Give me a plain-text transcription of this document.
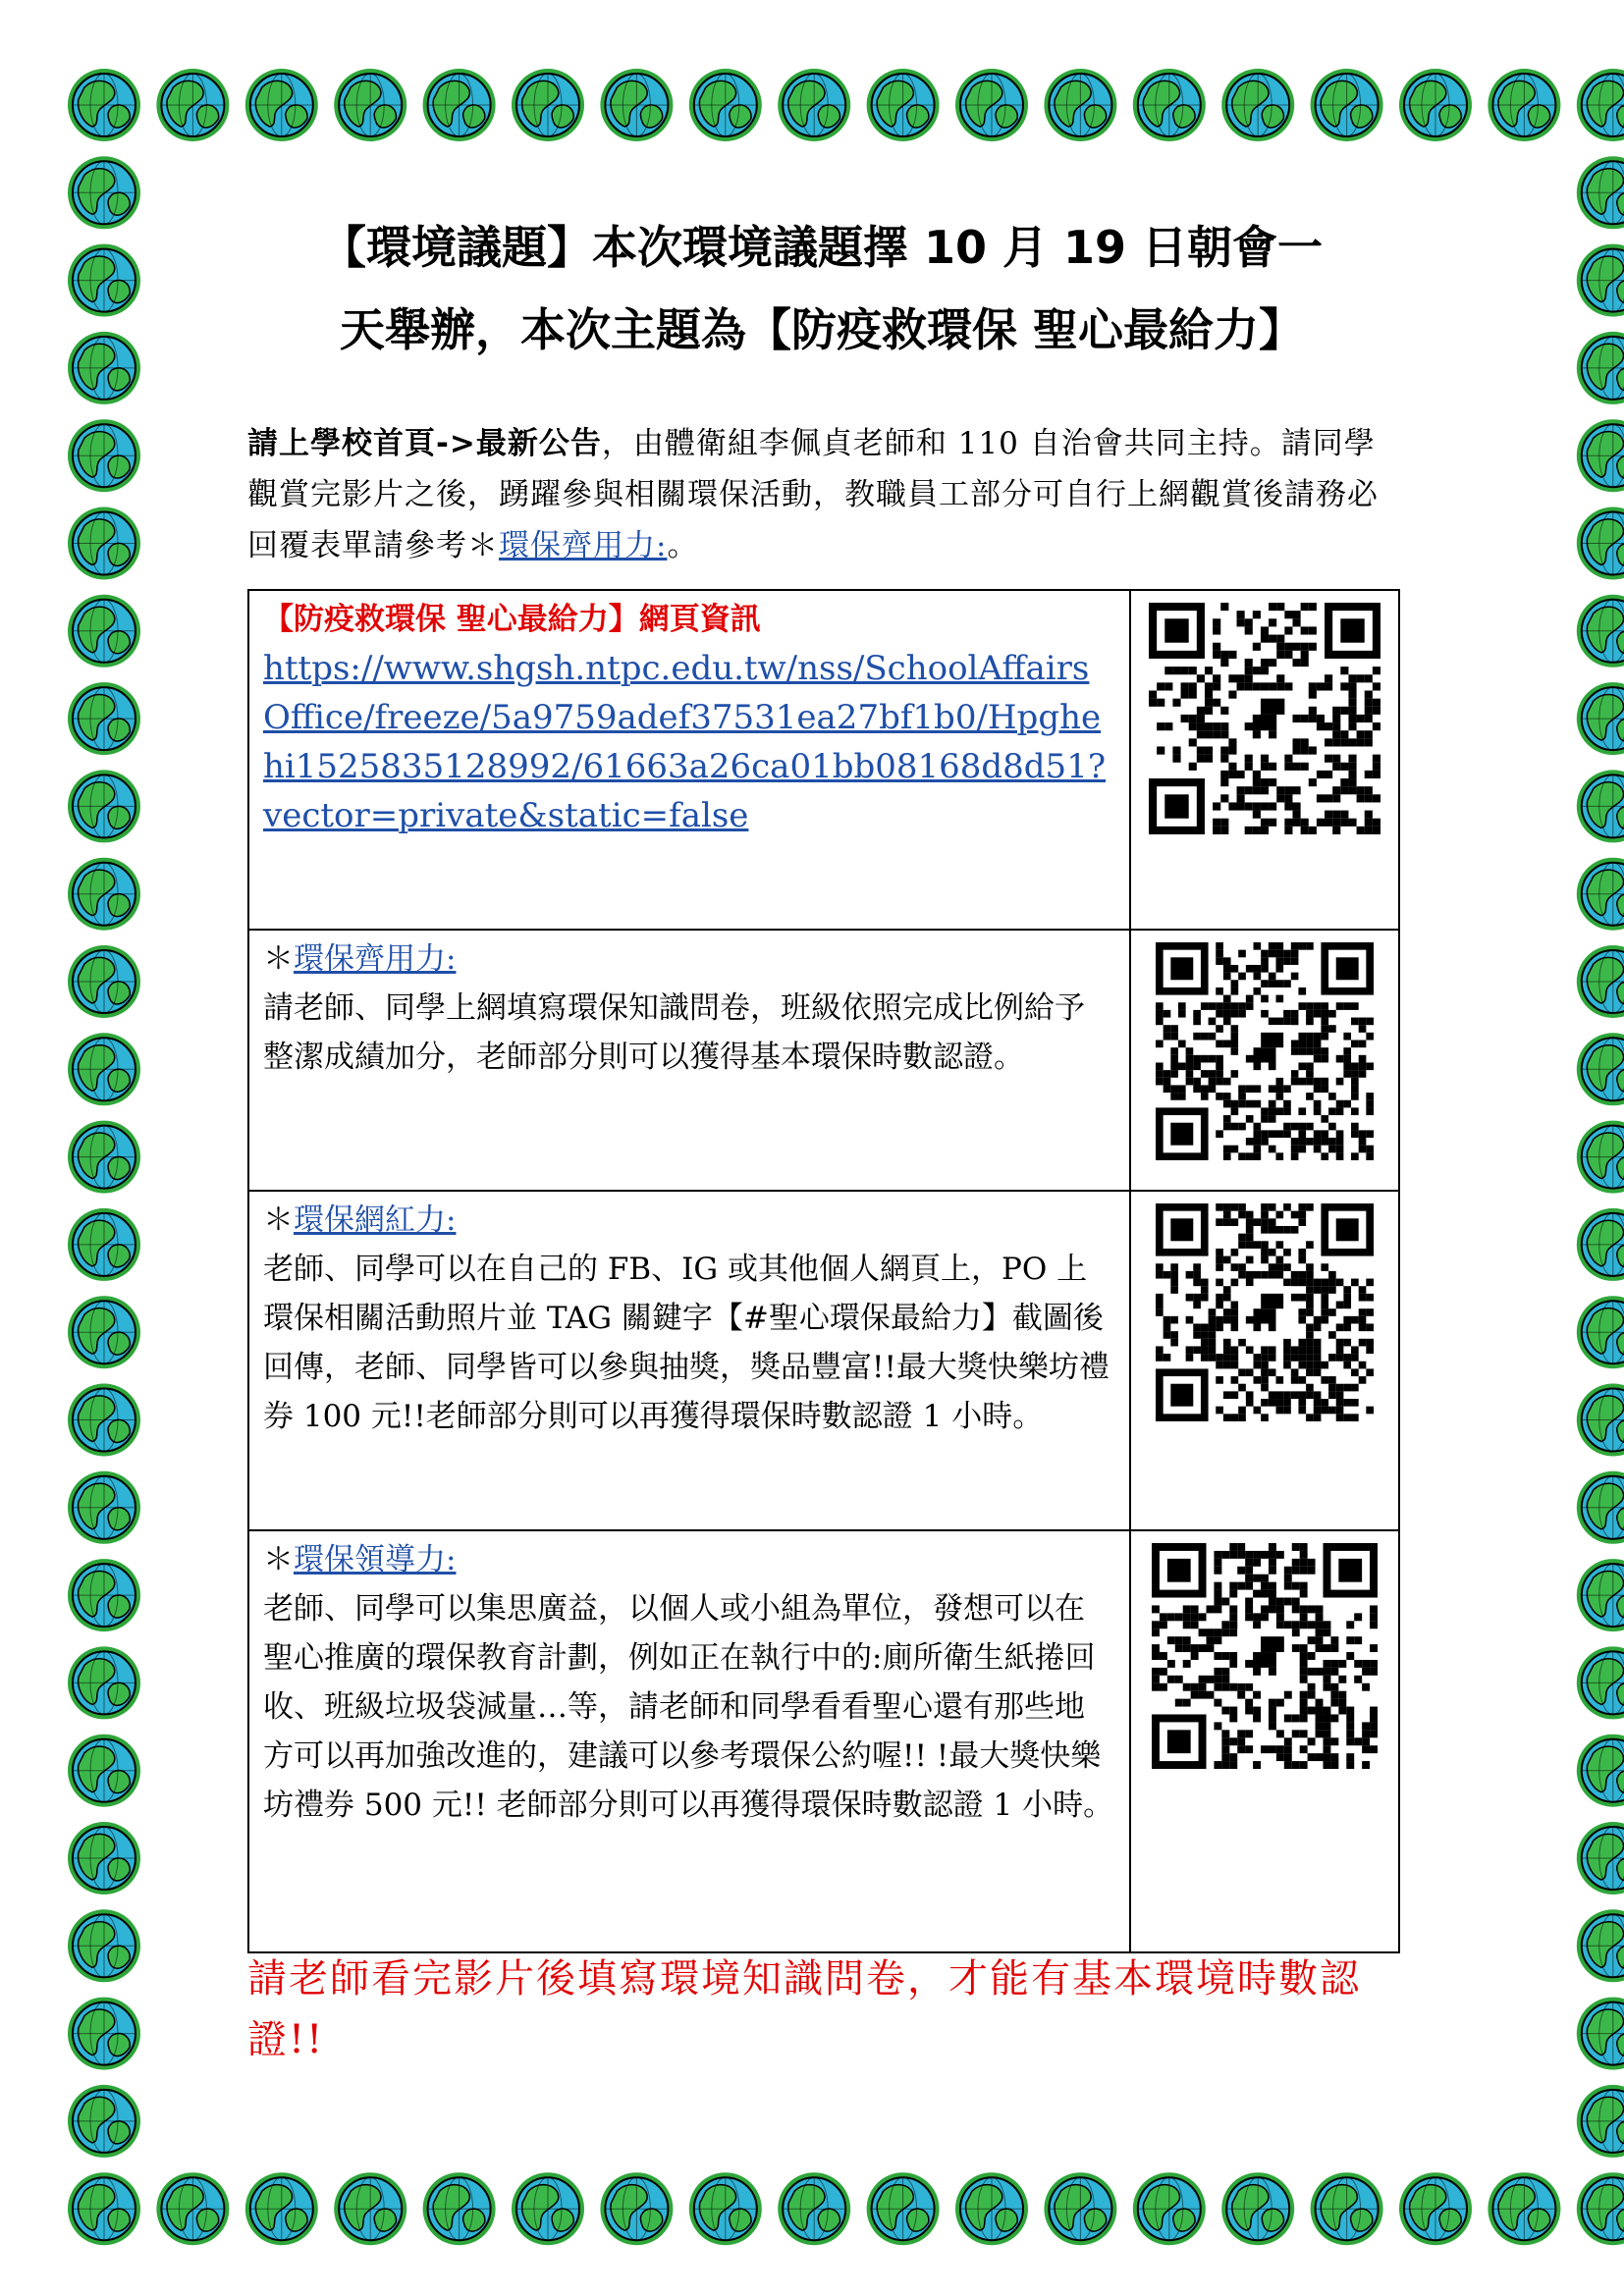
【環境議題】本次環境議題擇 10 月 19 日朝會一
天舉辦，本次主題為【防疫救環保 聖心最給力】

請上學校首頁->最新公告，由體衛組李佩貞老師和 110 自治會共同主持。請同學觀賞完影片之後，踴躍參與相關環保活動，教職員工部分可自行上網觀賞後請務必回覆表單請參考＊環保齊用力:。

【防疫救環保 聖心最給力】網頁資訊
https://www.shgsh.ntpc.edu.tw/nss/SchoolAffairsOffice/freeze/5a9759adef37531ea27bf1b0/Hpghehi1525835128992/61663a26ca01bb08168d8d51?vector=private&static=false

＊環保齊用力:
請老師、同學上網填寫環保知識問卷，班級依照完成比例給予整潔成績加分，老師部分則可以獲得基本環保時數認證。

＊環保網紅力:
老師、同學可以在自己的 FB、IG 或其他個人網頁上，PO 上環保相關活動照片並 TAG 關鍵字【#聖心環保最給力】截圖後回傳，老師、同學皆可以參與抽獎，獎品豐富!!最大獎快樂坊禮券 100 元!!老師部分則可以再獲得環保時數認證 1 小時。

＊環保領導力:
老師、同學可以集思廣益，以個人或小組為單位，發想可以在聖心推廣的環保教育計劃，例如正在執行中的:廁所衛生紙捲回收、班級垃圾袋減量…等，請老師和同學看看聖心還有那些地方可以再加強改進的，建議可以參考環保公約喔!! !最大獎快樂坊禮券 500 元!! 老師部分則可以再獲得環保時數認證 1 小時。

請老師看完影片後填寫環境知識問卷，才能有基本環境時數認證!!
